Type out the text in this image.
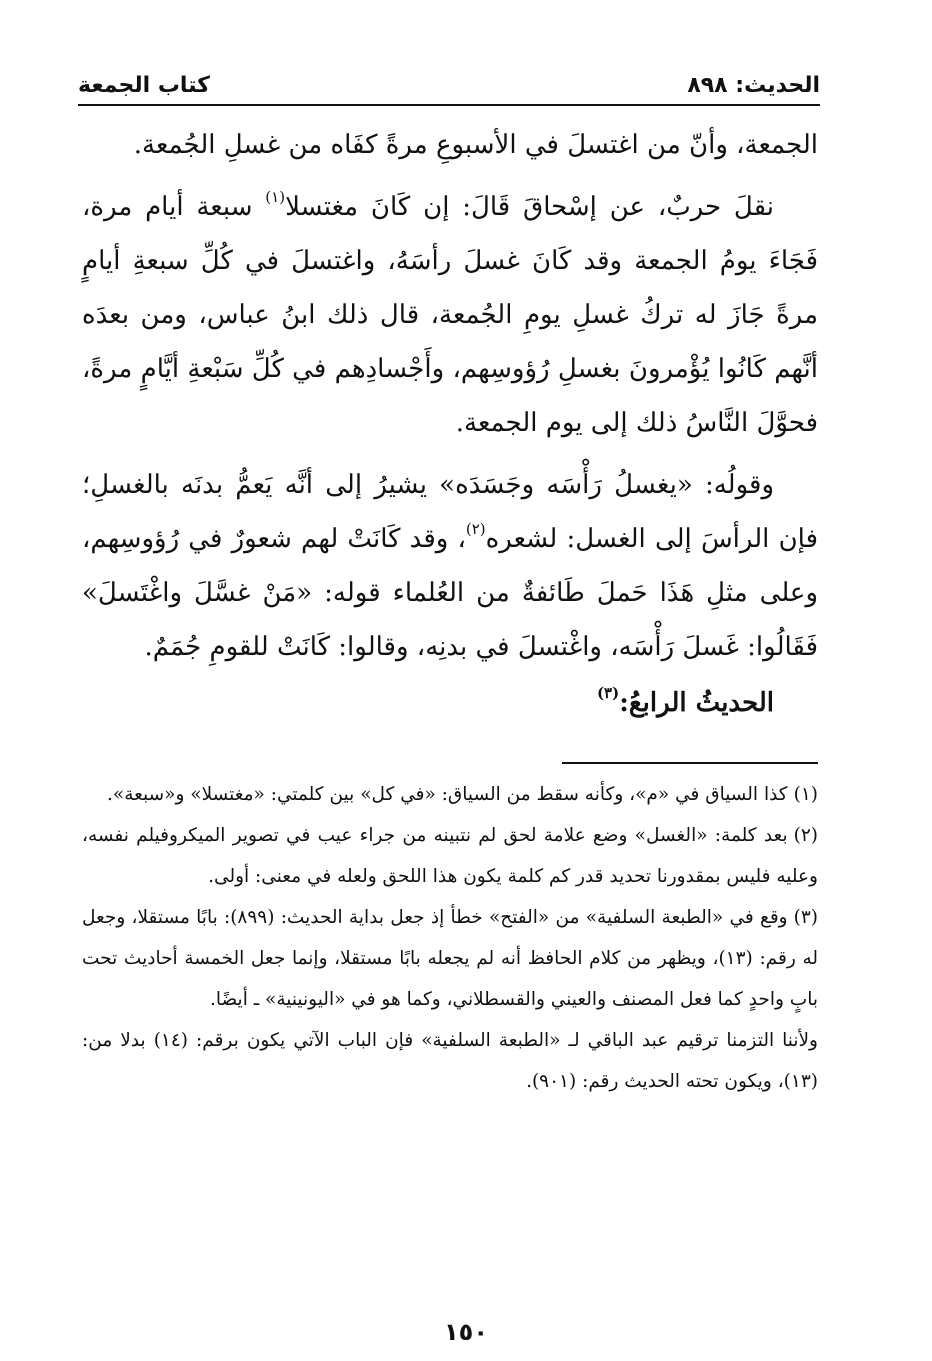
الحديث: ٨٩٨
كتاب الجمعة

الجمعة، وأنّ من اغتسلَ في الأسبوعِ مرةً كفَاه من غسلِ الجُمعة.

نقلَ حربٌ، عن إسْحاقَ قَالَ: إن كَانَ مغتسلا$^{(١)}$ سبعة أيام مرة، فَجَاءَ يومُ الجمعة وقد كَانَ غسلَ رأسَهُ، واغتسلَ في كُلِّ سبعةِ أيامٍ مرةً جَازَ له تركُ غسلِ يومِ الجُمعة، قال ذلك ابنُ عباس، ومن بعدَه أنَّهم كَانُوا يُؤْمرونَ بغسلِ رُؤوسِهم، وأَجْسادِهم في كُلِّ سَبْعةِ أيَّامٍ مرةً، فحوَّلَ النَّاسُ ذلك إلى يوم الجمعة.

وقولُه: «يغسلُ رَأْسَه وجَسَدَه» يشيرُ إلى أنَّه يَعمُّ بدنَه بالغسلِ؛ فإن الرأسَ إلى الغسل: لشعره$^{(٢)}$، وقد كَانَتْ لهم شعورٌ في رُؤوسِهم، وعلى مثلِ هَذَا حَملَ طَائفةٌ من العُلماء قوله: «مَنْ غسَّلَ واغْتَسلَ» فَقَالُوا: غَسلَ رَأْسَه، واغْتسلَ في بدنِه، وقالوا: كَانَتْ للقومِ جُمَمٌ.

الحديثُ الرابعُ:$^{(٣)}$

(١)كذا السياق في «م»، وكأنه سقط من السياق: «في كل» بين كلمتي: «مغتسلا» و«سبعة».

(٢)بعد كلمة: «الغسل» وضع علامة لحق لم نتبينه من جراء عيب في تصوير الميكروفيلم نفسه، وعليه فليس بمقدورنا تحديد قدر كم كلمة يكون هذا اللحق ولعله في معنى: أولى.

(٣)وقع في «الطبعة السلفية» من «الفتح» خطأ إذ جعل بداية الحديث: (٨٩٩): بابًا مستقلا، وجعل له رقم: (١٣)، ويظهر من كلام الحافظ أنه لم يجعله بابًا مستقلا، وإنما جعل الخمسة أحاديث تحت بابٍ واحدٍ كما فعل المصنف والعيني والقسطلاني، وكما هو في «اليونينية» ـ أيضًا.

ولأننا التزمنا ترقيم عبد الباقي لـ «الطبعة السلفية» فإن الباب الآتي يكون برقم: (١٤) بدلا من: (١٣)، ويكون تحته الحديث رقم: (٩٠١).

١٥٠
